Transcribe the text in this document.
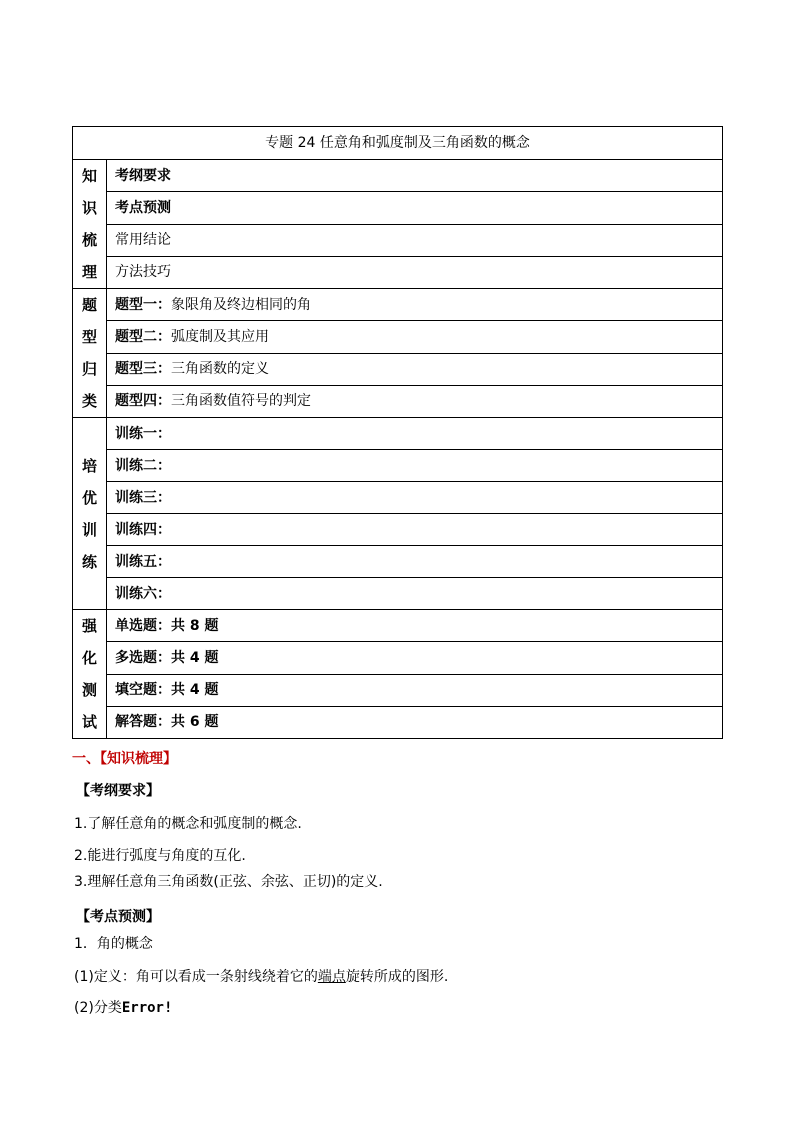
专题 24 任意角和弧度制及三角函数的概念	

知
识
梳
理	考纲要求
	考点预测
	常用结论
	方法技巧

题
型
归
类	题型一：象限角及终边相同的角
	题型二：弧度制及其应用
	题型三：三角函数的定义
	题型四：三角函数值符号的判定

培
优
训
练	训练一：
	训练二：
	训练三：
	训练四：
	训练五：
	训练六：

强
化
测
试	单选题：共 8 题
	多选题：共 4 题
	填空题：共 4 题
	解答题：共 6 题
一、【知识梳理】
【考纲要求】
1.了解任意角的概念和弧度制的概念.
2.能进行弧度与角度的互化.
3.理解任意角三角函数(正弦、余弦、正切)的定义.
【考点预测】
1．角的概念
(1)定义：角可以看成一条射线绕着它的端点旋转所成的图形.
(2)分类Error!
